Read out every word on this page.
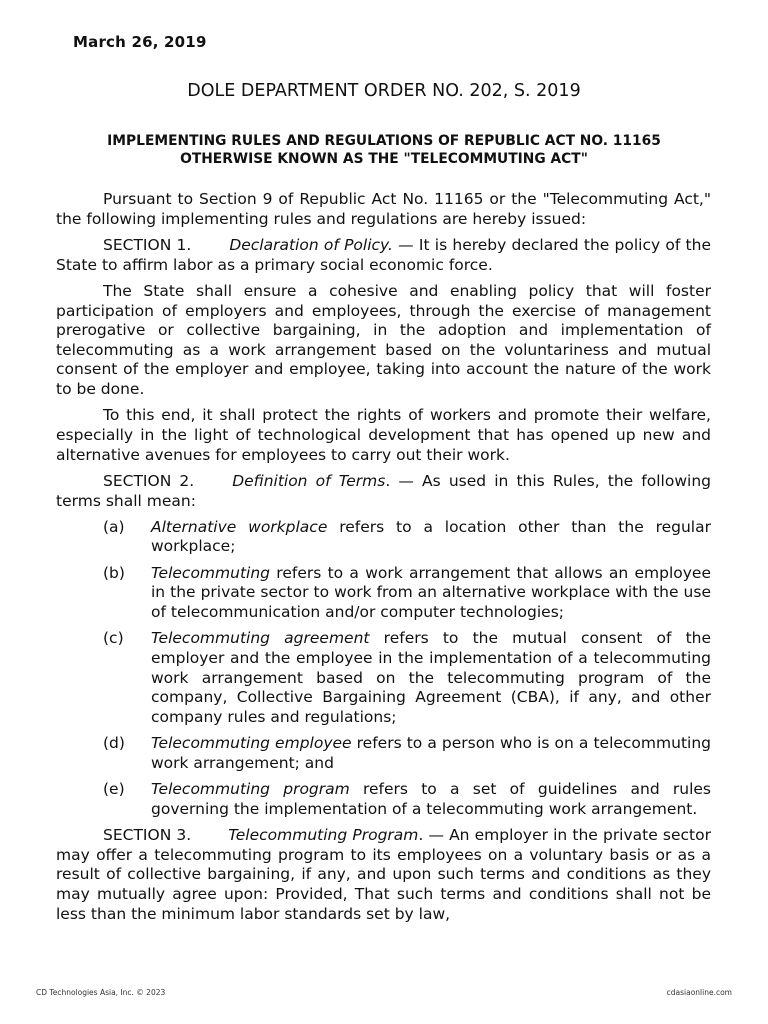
March 26, 2019
DOLE DEPARTMENT ORDER NO. 202, S. 2019
IMPLEMENTING RULES AND REGULATIONS OF REPUBLIC ACT NO. 11165
OTHERWISE KNOWN AS THE "TELECOMMUTING ACT"

Pursuant to Section 9 of Republic Act No. 11165 or the "Telecommuting Act," the following implementing rules and regulations are hereby issued:

SECTION 1. Declaration of Policy. — It is hereby declared the policy of the State to affirm labor as a primary social economic force.

The State shall ensure a cohesive and enabling policy that will foster participation of employers and employees, through the exercise of management prerogative or collective bargaining, in the adoption and implementation of telecommuting as a work arrangement based on the voluntariness and mutual consent of the employer and employee, taking into account the nature of the work to be done.

To this end, it shall protect the rights of workers and promote their welfare, especially in the light of technological development that has opened up new and alternative avenues for employees to carry out their work.

SECTION 2. Definition of Terms. — As used in this Rules, the following terms shall mean:

(a) Alternative workplace refers to a location other than the regular workplace;
(b) Telecommuting refers to a work arrangement that allows an employee in the private sector to work from an alternative workplace with the use of telecommunication and/or computer technologies;
(c) Telecommuting agreement refers to the mutual consent of the employer and the employee in the implementation of a telecommuting work arrangement based on the telecommuting program of the company, Collective Bargaining Agreement (CBA), if any, and other company rules and regulations;
(d) Telecommuting employee refers to a person who is on a telecommuting work arrangement; and
(e) Telecommuting program refers to a set of guidelines and rules governing the implementation of a telecommuting work arrangement.

SECTION 3. Telecommuting Program. — An employer in the private sector may offer a telecommuting program to its employees on a voluntary basis or as a result of collective bargaining, if any, and upon such terms and conditions as they may mutually agree upon: Provided, That such terms and conditions shall not be less than the minimum labor standards set by law,

CD Technologies Asia, Inc. © 2023	cdasiaonline.com
